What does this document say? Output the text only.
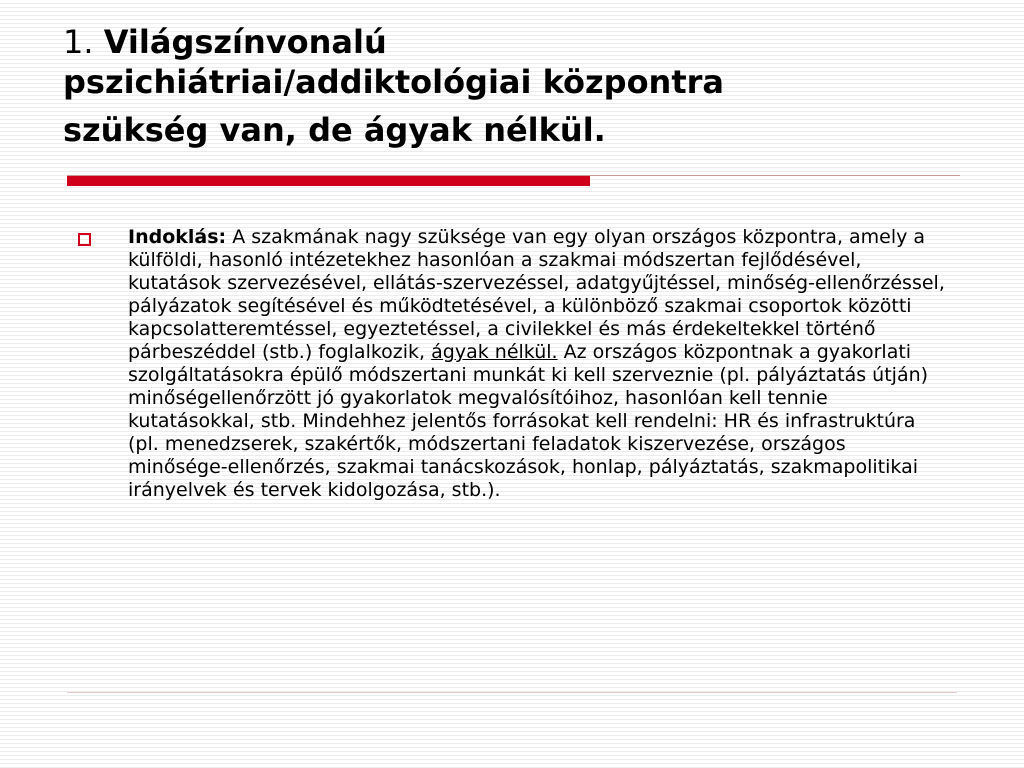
1. Világszínvonalú
pszichiátriai/addiktológiai központra
szükség van, de ágyak nélkül.

Indoklás: A szakmának nagy szüksége van egy olyan országos központra, amely a külföldi, hasonló intézetekhez hasonlóan a szakmai módszertan fejlődésével, kutatások szervezésével, ellátás-szervezéssel, adatgyűjtéssel, minőség-ellenőrzéssel, pályázatok segítésével és működtetésével, a különböző szakmai csoportok közötti kapcsolatteremtéssel, egyeztetéssel, a civilekkel és más érdekeltekkel történő párbeszéddel (stb.) foglalkozik, ágyak nélkül. Az országos központnak a gyakorlati szolgáltatásokra épülő módszertani munkát ki kell szerveznie (pl. pályáztatás útján) minőségellenőrzött jó gyakorlatok megvalósítóihoz, hasonlóan kell tennie kutatásokkal, stb. Mindehhez jelentős forrásokat kell rendelni: HR és infrastruktúra (pl. menedzserek, szakértők, módszertani feladatok kiszervezése, országos minősége-ellenőrzés, szakmai tanácskozások, honlap, pályáztatás, szakmapolitikai irányelvek és tervek kidolgozása, stb.).
